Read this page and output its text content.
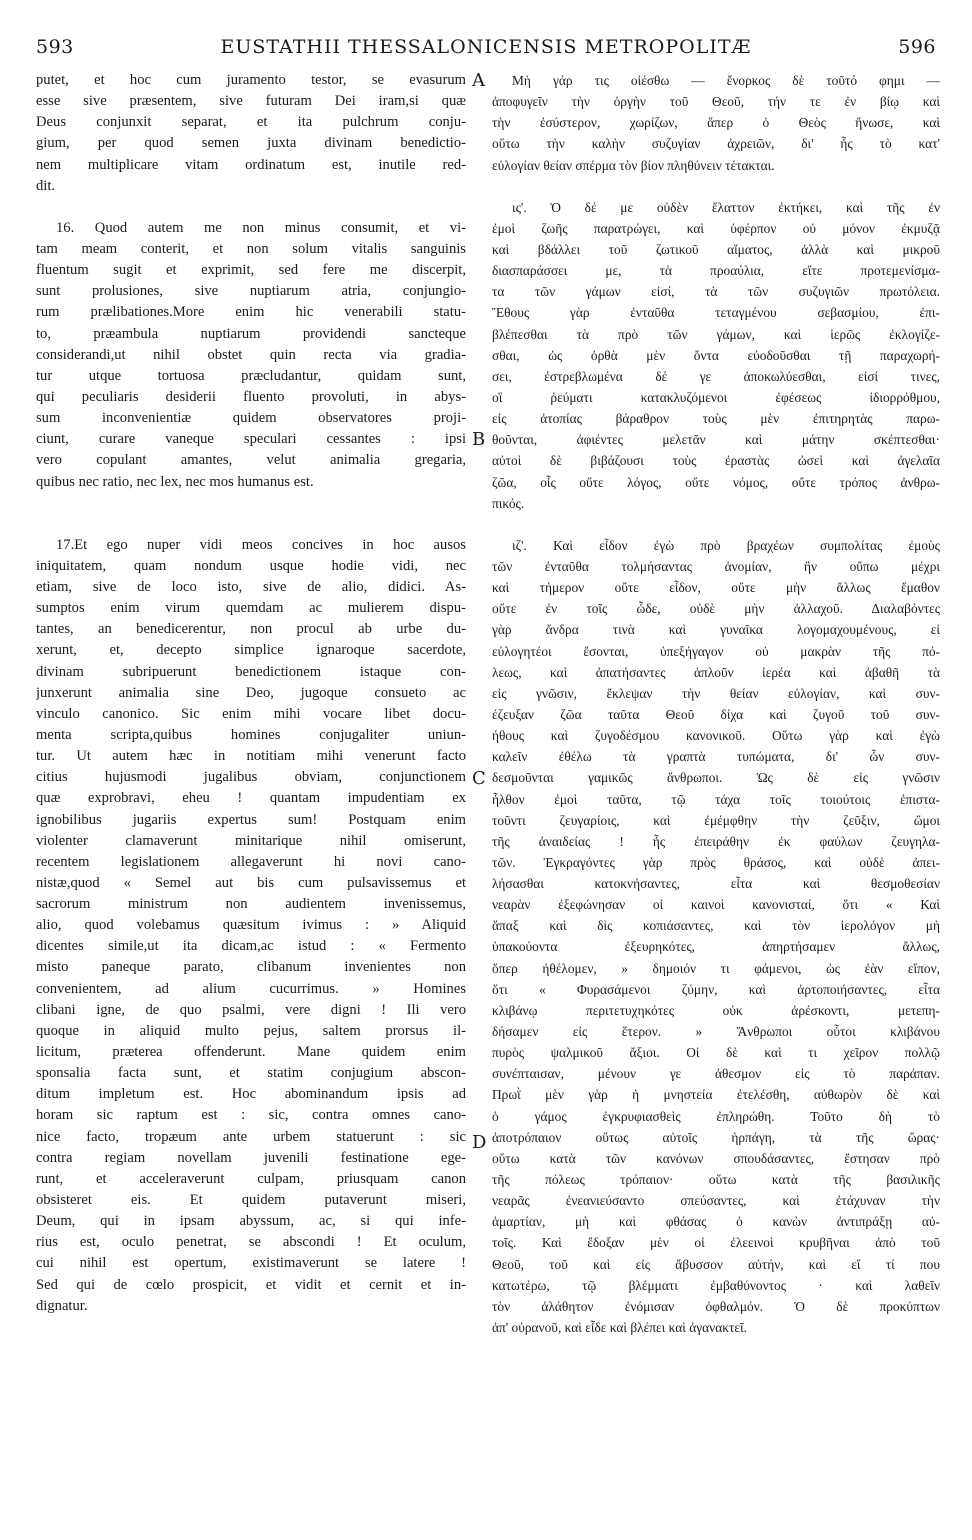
593	EUSTATHII THESSALONICENSIS METROPOLITÆ	596
A
B
C
D
putet, et hoc cum juramento testor, se evasurum
esse sive præsentem, sive futuram Dei iram,si quæ
Deus conjunxit separat, et ita pulchrum conju-
gium, per quod semen juxta divinam benedictio-
nem multiplicare vitam ordinatum est, inutile red-
dit.
16. Quod autem me non minus consumit, et vi-
tam meam conterit, et non solum vitalis sanguinis
fluentum sugit et exprimit, sed fere me discerpit,
sunt prolusiones, sive nuptiarum atria, conjungio-
rum prælibationes.More enim hic venerabili statu-
to, præambula nuptiarum providendi sancteque
considerandi,ut nihil obstet quin recta via gradia-
tur utque tortuosa præcludantur, quidam sunt,
qui peculiaris desiderii fluento provoluti, in abys-
sum inconvenientiæ quidem observatores proji-
ciunt, curare vaneque speculari cessantes : ipsi
vero copulant amantes, velut animalia gregaria,
quibus nec ratio, nec lex, nec mos humanus est.
17.Et ego nuper vidi meos concives in hoc ausos
iniquitatem, quam nondum usque hodie vidi, nec
etiam, sive de loco isto, sive de alio, didici. As-
sumptos enim virum quemdam ac mulierem dispu-
tantes, an benedicerentur, non procul ab urbe du-
xerunt, et, decepto simplice ignaroque sacerdote,
divinam subripuerunt benedictionem istaque con-
junxerunt animalia sine Deo, jugoque consueto ac
vinculo canonico. Sic enim mihi vocare libet docu-
menta scripta,quibus homines conjugaliter uniun-
tur. Ut autem hæc in notitiam mihi venerunt facto
citius hujusmodi jugalibus obviam, conjunctionem
quæ exprobravi, eheu ! quantam impudentiam ex
ignobilibus jugariis expertus sum! Postquam enim
violenter clamaverunt minitarique nihil omiserunt,
recentem legislationem allegaverunt hi novi cano-
nistæ,quod « Semel aut bis cum pulsavissemus et
sacrorum ministrum non audientem invenissemus,
alio, quod volebamus quæsitum ivimus : » Aliquid
dicentes simile,ut ita dicam,ac istud : « Fermento
misto paneque parato, clibanum invenientes non
convenientem, ad alium cucurrimus. » Homines
clibani igne, de quo psalmi, vere digni ! Ili vero
quoque in aliquid multo pejus, saltem prorsus il-
licitum, præterea offenderunt. Mane quidem enim
sponsalia facta sunt, et statim conjugium abscon-
ditum impletum est. Hoc abominandum ipsis ad
horam sic raptum est : sic, contra omnes cano-
nice facto, tropæum ante urbem statuerunt : sic
contra regiam novellam juvenili festinatione ege-
runt, et acceleraverunt culpam, priusquam canon
obsisteret eis. Et quidem putaverunt miseri,
Deum, qui in ipsam abyssum, ac, si qui infe-
rius est, oculo penetrat, se abscondi ! Et oculum,
cui nihil est opertum, existimaverunt se latere !
Sed qui de cœlo prospicit, et vidit et cernit et in-
dignatur.
Μὴ γάρ τις οἰέσθω — ἔνορκος δὲ τοῦτό φημι —
ἀποφυγεῖν τὴν ὀργὴν τοῦ Θεοῦ, τήν τε ἐν βίῳ καὶ
τὴν ἐσύστερον, χωρίζων, ἅπερ ὁ Θεὸς ἥνωσε, καὶ
οὕτω τὴν καλὴν συζυγίαν ἀχρειῶν, δι' ἧς τὸ κατ'
εὐλογίαν θείαν σπέρμα τὸν βίον πληθύνειν τέτακται.
ις'. Ὁ δέ με οὐδὲν ἔλαττον ἐκτήκει, καὶ τῆς ἐν
ἐμοὶ ζωῆς παρατρώγει, καὶ ὑφέρπον οὐ μόνον ἐκμυζᾷ
καὶ βδάλλει τοῦ ζωτικοῦ αἵματος, ἀλλὰ καὶ μικροῦ
διασπαράσσει με, τὰ προαύλια, εἴτε προτεμενίσμα-
τα τῶν γάμων εἰσί, τὰ τῶν συζυγιῶν πρωτόλεια.
Ἔθους γὰρ ἐνταῦθα τεταγμένου σεβασμίου, ἐπι-
βλέπεσθαι τὰ πρὸ τῶν γάμων, καὶ ἱερῶς ἐκλογίζε-
σθαι, ὡς ὀρθὰ μὲν ὄντα εὐοδοῦσθαι τῇ παραχωρή-
σει, ἐστρεβλωμένα δέ γε ἀποκωλύεσθαι, εἰσί τινες,
οἳ ῥεύματι κατακλυζόμενοι ἐφέσεως ἰδιορρόθμου,
εἰς ἀτοπίας βάραθρον τοὺς μὲν ἐπιτηρητὰς παρω-
θοῦνται, ἀφιέντες μελετᾶν καὶ μάτην σκέπτεσθαι·
αὐτοὶ δὲ βιβάζουσι τοὺς ἐραστὰς ὡσεὶ καὶ ἀγελαῖα
ζῶα, οἷς οὔτε λόγος, οὔτε νόμος, οὔτε τρόπος ἀνθρω-
πικός.
ιζ'. Καὶ εἶδον ἐγὼ πρὸ βραχέων συμπολίτας ἐμοὺς
τῶν ἐνταῦθα τολμήσαντας ἀνομίαν, ἣν οὔπω μέχρι
καὶ τήμερον οὔτε εἶδον, οὔτε μὴν ἄλλως ἔμαθον
οὔτε ἐν τοῖς ὧδε, οὐδὲ μὴν ἀλλαχοῦ. Διαλαβόντες
γὰρ ἄνδρα τινὰ καὶ γυναῖκα λογομαχουμένους, εἰ
εὐλογητέοι ἔσονται, ὑπεξήγαγον οὐ μακρὰν τῆς πό-
λεως, καὶ ἀπατήσαντες ἁπλοῦν ἱερέα καὶ ἀβαθῆ τὰ
εἰς γνῶσιν, ἔκλεψαν τὴν θείαν εὐλογίαν, καὶ συν-
έζευξαν ζῶα ταῦτα Θεοῦ δίχα καὶ ζυγοῦ τοῦ συν-
ήθους καὶ ζυγοδέσμου κανονικοῦ. Οὕτω γὰρ καὶ ἐγὼ
καλεῖν ἐθέλω τὰ γραπτὰ τυπώματα, δι' ὧν συν-
δεσμοῦνται γαμικῶς ἄνθρωποι. Ὡς δὲ εἰς γνῶσιν
ἦλθον ἐμοὶ ταῦτα, τῷ τάχα τοῖς τοιούτοις ἐπιστα-
τοῦντι ζευγαρίοις, καὶ ἐμέμφθην τὴν ζεῦξιν, ὤμοι
τῆς ἀναιδείας ! ἧς ἐπειράθην ἐκ φαύλων ζευγηλα-
τῶν. Ἐγκραγόντες γὰρ πρὸς θράσος, καὶ οὐδὲ ἀπει-
λήσασθαι κατοκνήσαντες, εἶτα καὶ θεσμοθεσίαν
νεαρὰν ἐξεφώνησαν οἱ καινοὶ κανονισταί, ὅτι « Καὶ
ἅπαξ καὶ δὶς κοπιάσαντες, καὶ τὸν ἱερολόγον μὴ
ὑπακούοντα ἐξευρηκότες, ἀπηρτήσαμεν ἄλλως,
ὅπερ ἠθέλομεν, » δημοιόν τι φάμενοι, ὡς ἐὰν εἴπον,
ὅτι « Φυρασάμενοι ζύμην, καὶ ἀρτοποιήσαντες, εἶτα
κλιβάνῳ περιτετυχηκότες οὐκ ἀρέσκοντι, μετεπη-
δήσαμεν εἰς ἕτερον. » Ἄνθρωποι οὗτοι κλιβάνου
πυρὸς ψαλμικοῦ ἄξιοι. Οἱ δὲ καὶ τι χεῖρον πολλῷ
συνέπταισαν, μένουν γε ἀθεσμον εἰς τὸ παράπαν.
Πρωῒ μὲν γὰρ ἡ μνηστεία ἐτελέσθη, αὐθωρὸν δὲ καὶ
ὁ γάμος ἐγκρυφιασθεὶς ἐπληρώθη. Τοῦτο δὴ τὸ
ἀποτρόπαιον οὕτως αὐτοῖς ἡρπάγη, τὰ τῆς ὥρας·
οὕτω κατὰ τῶν κανόνων σπουδάσαντες, ἔστησαν πρὸ
τῆς πόλεως τρόπαιον· οὕτω κατὰ τῆς βασιλικῆς
νεαρᾶς ἐνεανιεύσαντο σπεύσαντες, καὶ ἐτάχυναν τὴν
ἁμαρτίαν, μὴ καὶ φθάσας ὁ κανὼν ἀντιπράξῃ αὐ-
τοῖς. Καὶ ἔδοξαν μὲν οἱ ἐλεεινοὶ κρυβῆναι ἀπὸ τοῦ
Θεοῦ, τοῦ καὶ εἰς ἄβυσσον αὐτήν, καὶ εἴ τί που
κατωτέρω, τῷ βλέμματι ἐμβαθύνοντος · καὶ λαθεῖν
τὸν ἀλάθητον ἐνόμισαν ὀφθαλμόν. Ὁ δὲ προκύπτων
ἀπ' οὐρανοῦ, καὶ εἶδε καὶ βλέπει καὶ ἀγανακτεῖ.
